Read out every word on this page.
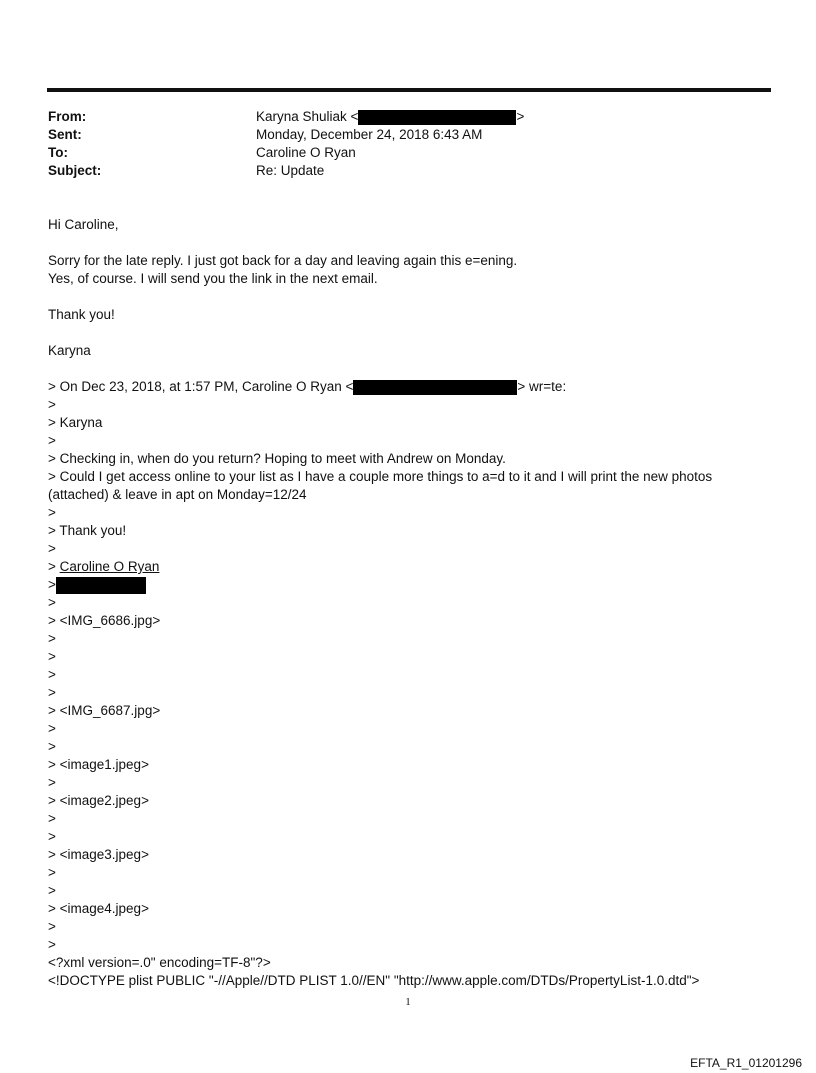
From:	Karyna Shuliak <	>
Sent:	Monday, December 24, 2018 6:43 AM
To:	Caroline O Ryan
Subject:	Re: Update
Hi Caroline,
Sorry for the late reply. I just got back for a day and leaving again this e=ening.
Yes, of course. I will send you the link in the next email.
Thank you!
Karyna
> On Dec 23, 2018, at 1:57 PM, Caroline O Ryan <	> wr=te:
>
> Karyna
>
> Checking in, when do you return? Hoping to meet with Andrew on Monday.
> Could I get access online to your list as I have a couple more things to a=d to it and I will print the new photos (attached) & leave in apt on Monday=12/24
>
> Thank you!
>
> Caroline O Ryan
>
>
> <IMG_6686.jpg>
>
>
>
>
> <IMG_6687.jpg>
>
>
> <image1.jpeg>
>
> <image2.jpeg>
>
>
> <image3.jpeg>
>
>
> <image4.jpeg>
>
>
<?xml version=.0" encoding=TF-8"?>
<!DOCTYPE plist PUBLIC "-//Apple//DTD PLIST 1.0//EN" "http://www.apple.com/DTDs/PropertyList-1.0.dtd">
1
EFTA_R1_01201296
